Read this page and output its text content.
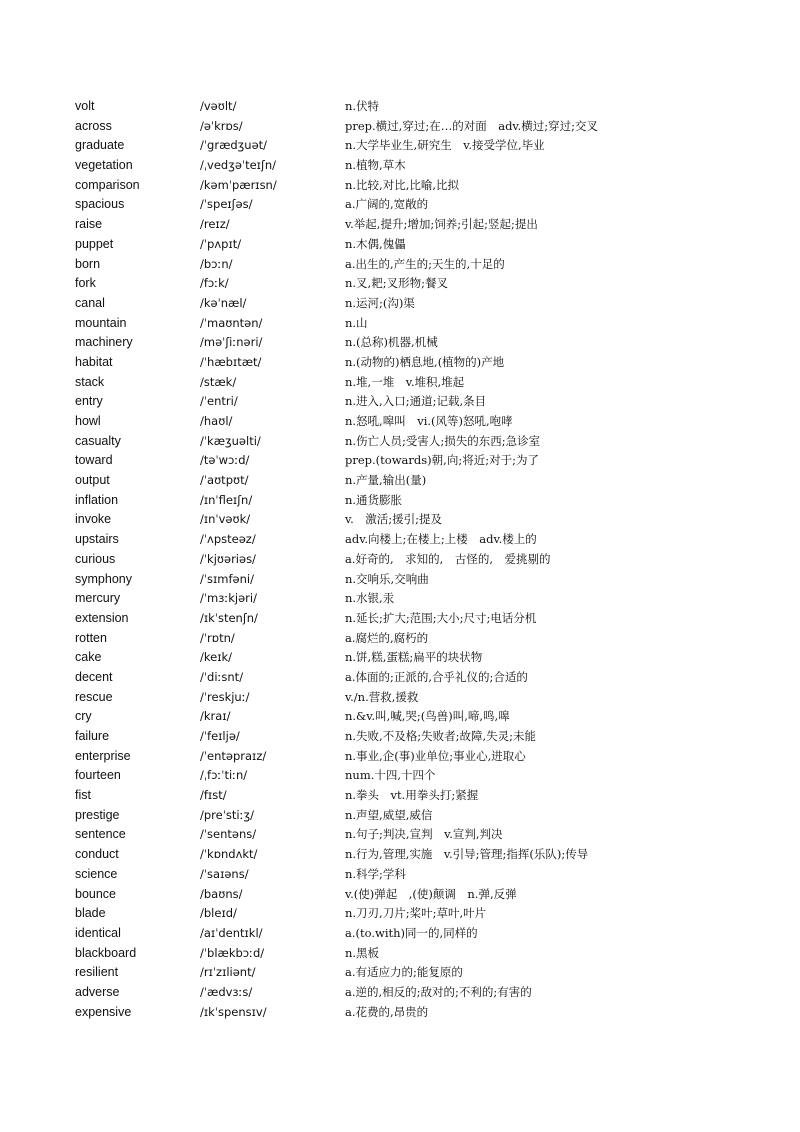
volt	/vəʊlt/	n.伏特
across	/əˈkrɒs/	prep.横过,穿过;在…的对面　adv.横过;穿过;交叉
graduate	/ˈgrædʒuət/	n.大学毕业生,研究生　v.接受学位,毕业
vegetation	/ˌvedʒəˈteɪʃn/	n.植物,草木
comparison	/kəmˈpærɪsn/	n.比较,对比,比喻,比拟
spacious	/ˈspeɪʃəs/	a.广阔的,宽敞的
raise	/reɪz/	v.举起,提升;增加;饲养;引起;竖起;提出
puppet	/ˈpʌpɪt/	n.木偶,傀儡
born	/bɔːn/	a.出生的,产生的;天生的,十足的
fork	/fɔːk/	n.叉,耙;叉形物;餐叉
canal	/kəˈnæl/	n.运河;(沟)渠
mountain	/ˈmaʊntən/	n.山
machinery	/məˈʃiːnəri/	n.(总称)机器,机械
habitat	/ˈhæbɪtæt/	n.(动物的)栖息地,(植物的)产地
stack	/stæk/	n.堆,一堆　v.堆积,堆起
entry	/ˈentri/	n.进入,入口;通道;记载,条目
howl	/haʊl/	n.怒吼,嗥叫　vi.(风等)怒吼,咆哮
casualty	/ˈkæʒuəlti/	n.伤亡人员;受害人;损失的东西;急诊室
toward	/təˈwɔːd/	prep.(towards)朝,向;将近;对于;为了
output	/ˈaʊtpʊt/	n.产量,输出(量)
inflation	/ɪnˈfleɪʃn/	n.通货膨胀
invoke	/ɪnˈvəʊk/	v.　激活;援引;提及
upstairs	/ˈʌpsteəz/	adv.向楼上;在楼上;上楼　adv.楼上的
curious	/ˈkjʊəriəs/	a.好奇的,　求知的,　古怪的,　爱挑剔的
symphony	/ˈsɪmfəni/	n.交响乐,交响曲
mercury	/ˈmɜːkjəri/	n.水银,汞
extension	/ɪkˈstenʃn/	n.延长;扩大;范围;大小;尺寸;电话分机
rotten	/ˈrɒtn/	a.腐烂的,腐朽的
cake	/keɪk/	n.饼,糕,蛋糕;扁平的块状物
decent	/ˈdiːsnt/	a.体面的;正派的,合乎礼仪的;合适的
rescue	/ˈreskjuː/	v./n.营救,援救
cry	/kraɪ/	n.&v.叫,喊,哭;(鸟兽)叫,啼,鸣,嗥
failure	/ˈfeɪljə/	n.失败,不及格;失败者;故障,失灵;未能
enterprise	/ˈentəpraɪz/	n.事业,企(事)业单位;事业心,进取心
fourteen	/ˌfɔːˈtiːn/	num.十四,十四个
fist	/fɪst/	n.拳头　vt.用拳头打;紧握
prestige	/preˈstiːʒ/	n.声望,威望,威信
sentence	/ˈsentəns/	n.句子;判决,宣判　v.宣判,判决
conduct	/ˈkɒndʌkt/	n.行为,管理,实施　v.引导;管理;指挥(乐队);传导
science	/ˈsaɪəns/	n.科学;学科
bounce	/baʊns/	v.(使)弹起　,(使)颠调　n.弹,反弹
blade	/bleɪd/	n.刀刃,刀片;桨叶;草叶,叶片
identical	/aɪˈdentɪkl/	a.(to.with)同一的,同样的
blackboard	/ˈblækbɔːd/	n.黑板
resilient	/rɪˈzɪliənt/	a.有适应力的;能复原的
adverse	/ˈædvɜːs/	a.逆的,相反的;敌对的;不利的;有害的
expensive	/ɪkˈspensɪv/	a.花费的,昂贵的
